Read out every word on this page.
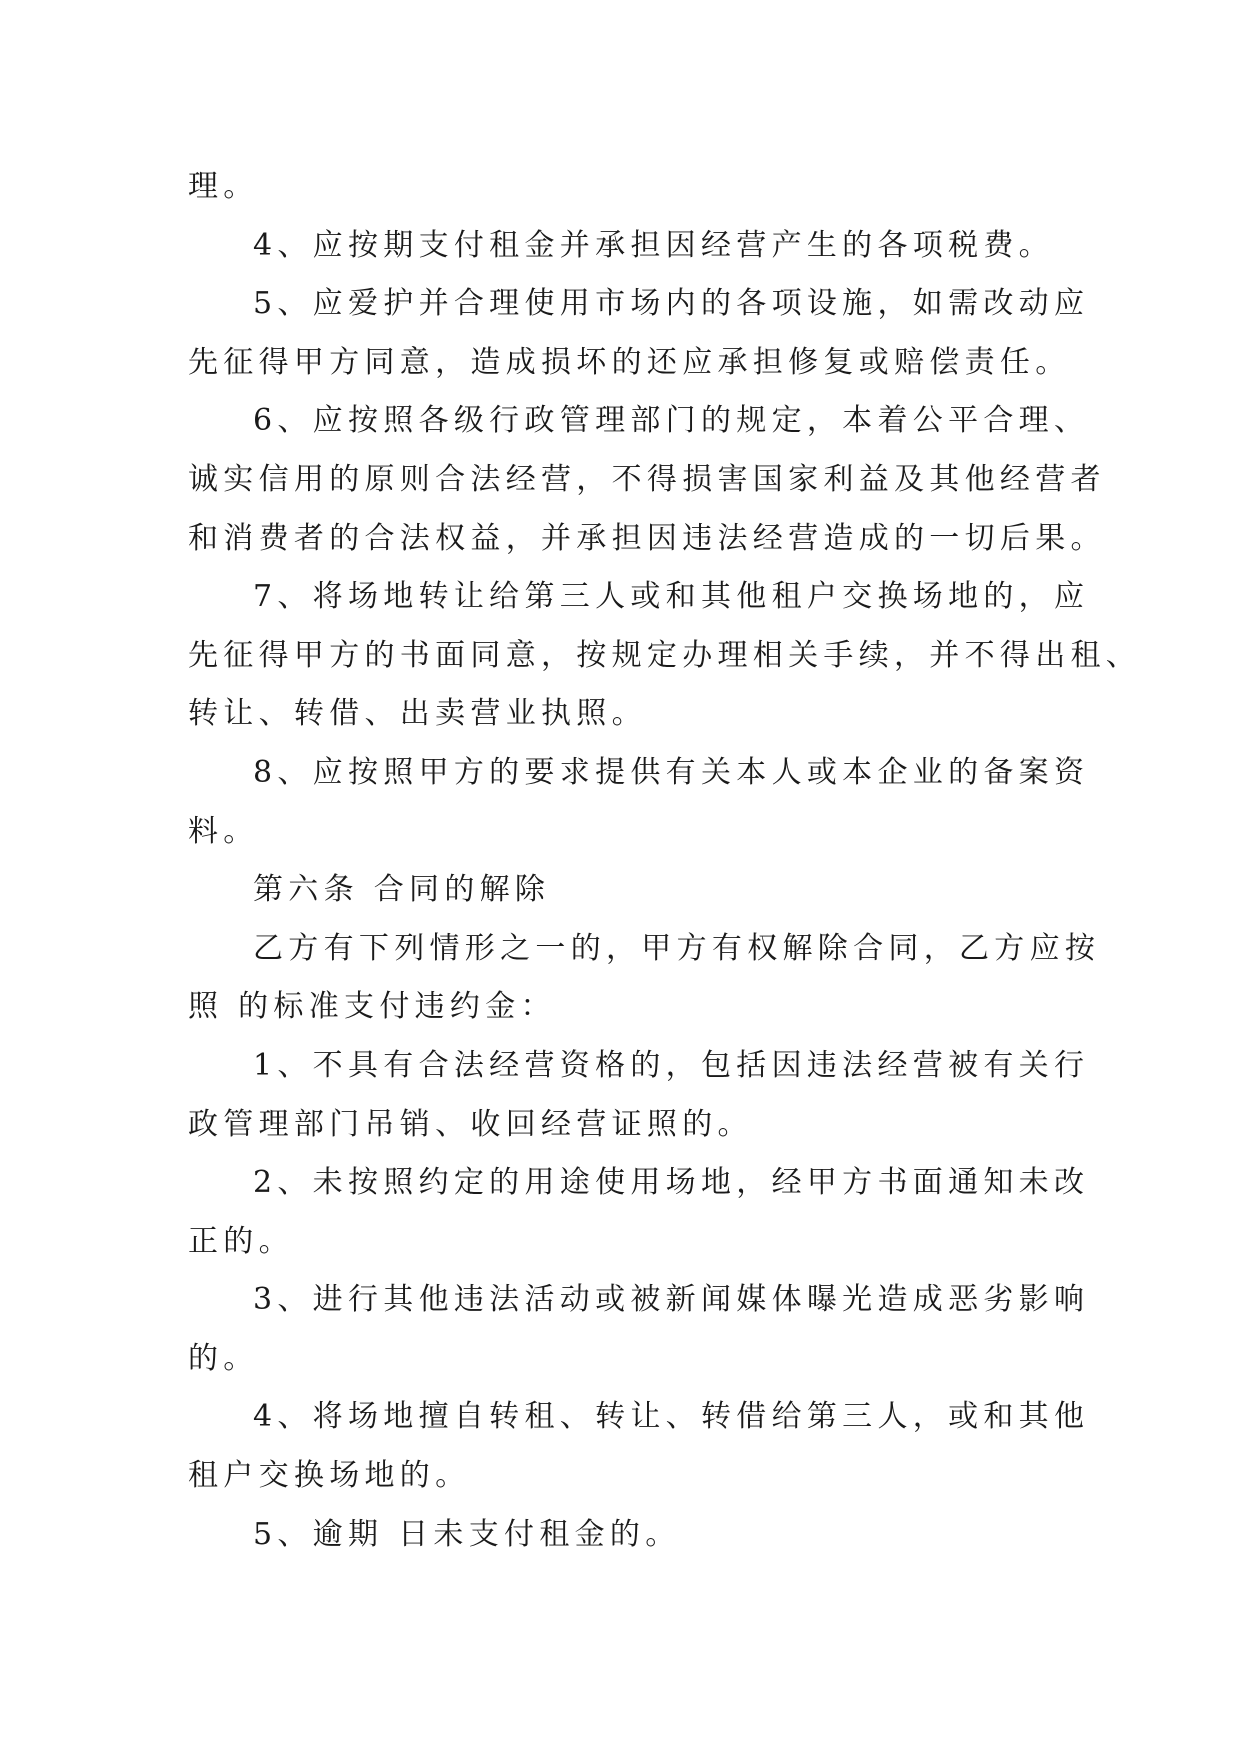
理。

4、应按期支付租金并承担因经营产生的各项税费。

5、应爱护并合理使用市场内的各项设施，如需改动应

先征得甲方同意，造成损坏的还应承担修复或赔偿责任。

6、应按照各级行政管理部门的规定，本着公平合理、

诚实信用的原则合法经营，不得损害国家利益及其他经营者

和消费者的合法权益，并承担因违法经营造成的一切后果。

7、将场地转让给第三人或和其他租户交换场地的，应

先征得甲方的书面同意，按规定办理相关手续，并不得出租、

转让、转借、出卖营业执照。

8、应按照甲方的要求提供有关本人或本企业的备案资

料。

第六条 合同的解除

乙方有下列情形之一的，甲方有权解除合同，乙方应按

照 的标准支付违约金：

1、不具有合法经营资格的，包括因违法经营被有关行

政管理部门吊销、收回经营证照的。

2、未按照约定的用途使用场地，经甲方书面通知未改

正的。

3、进行其他违法活动或被新闻媒体曝光造成恶劣影响

的。

4、将场地擅自转租、转让、转借给第三人，或和其他

租户交换场地的。

5、逾期 日未支付租金的。
